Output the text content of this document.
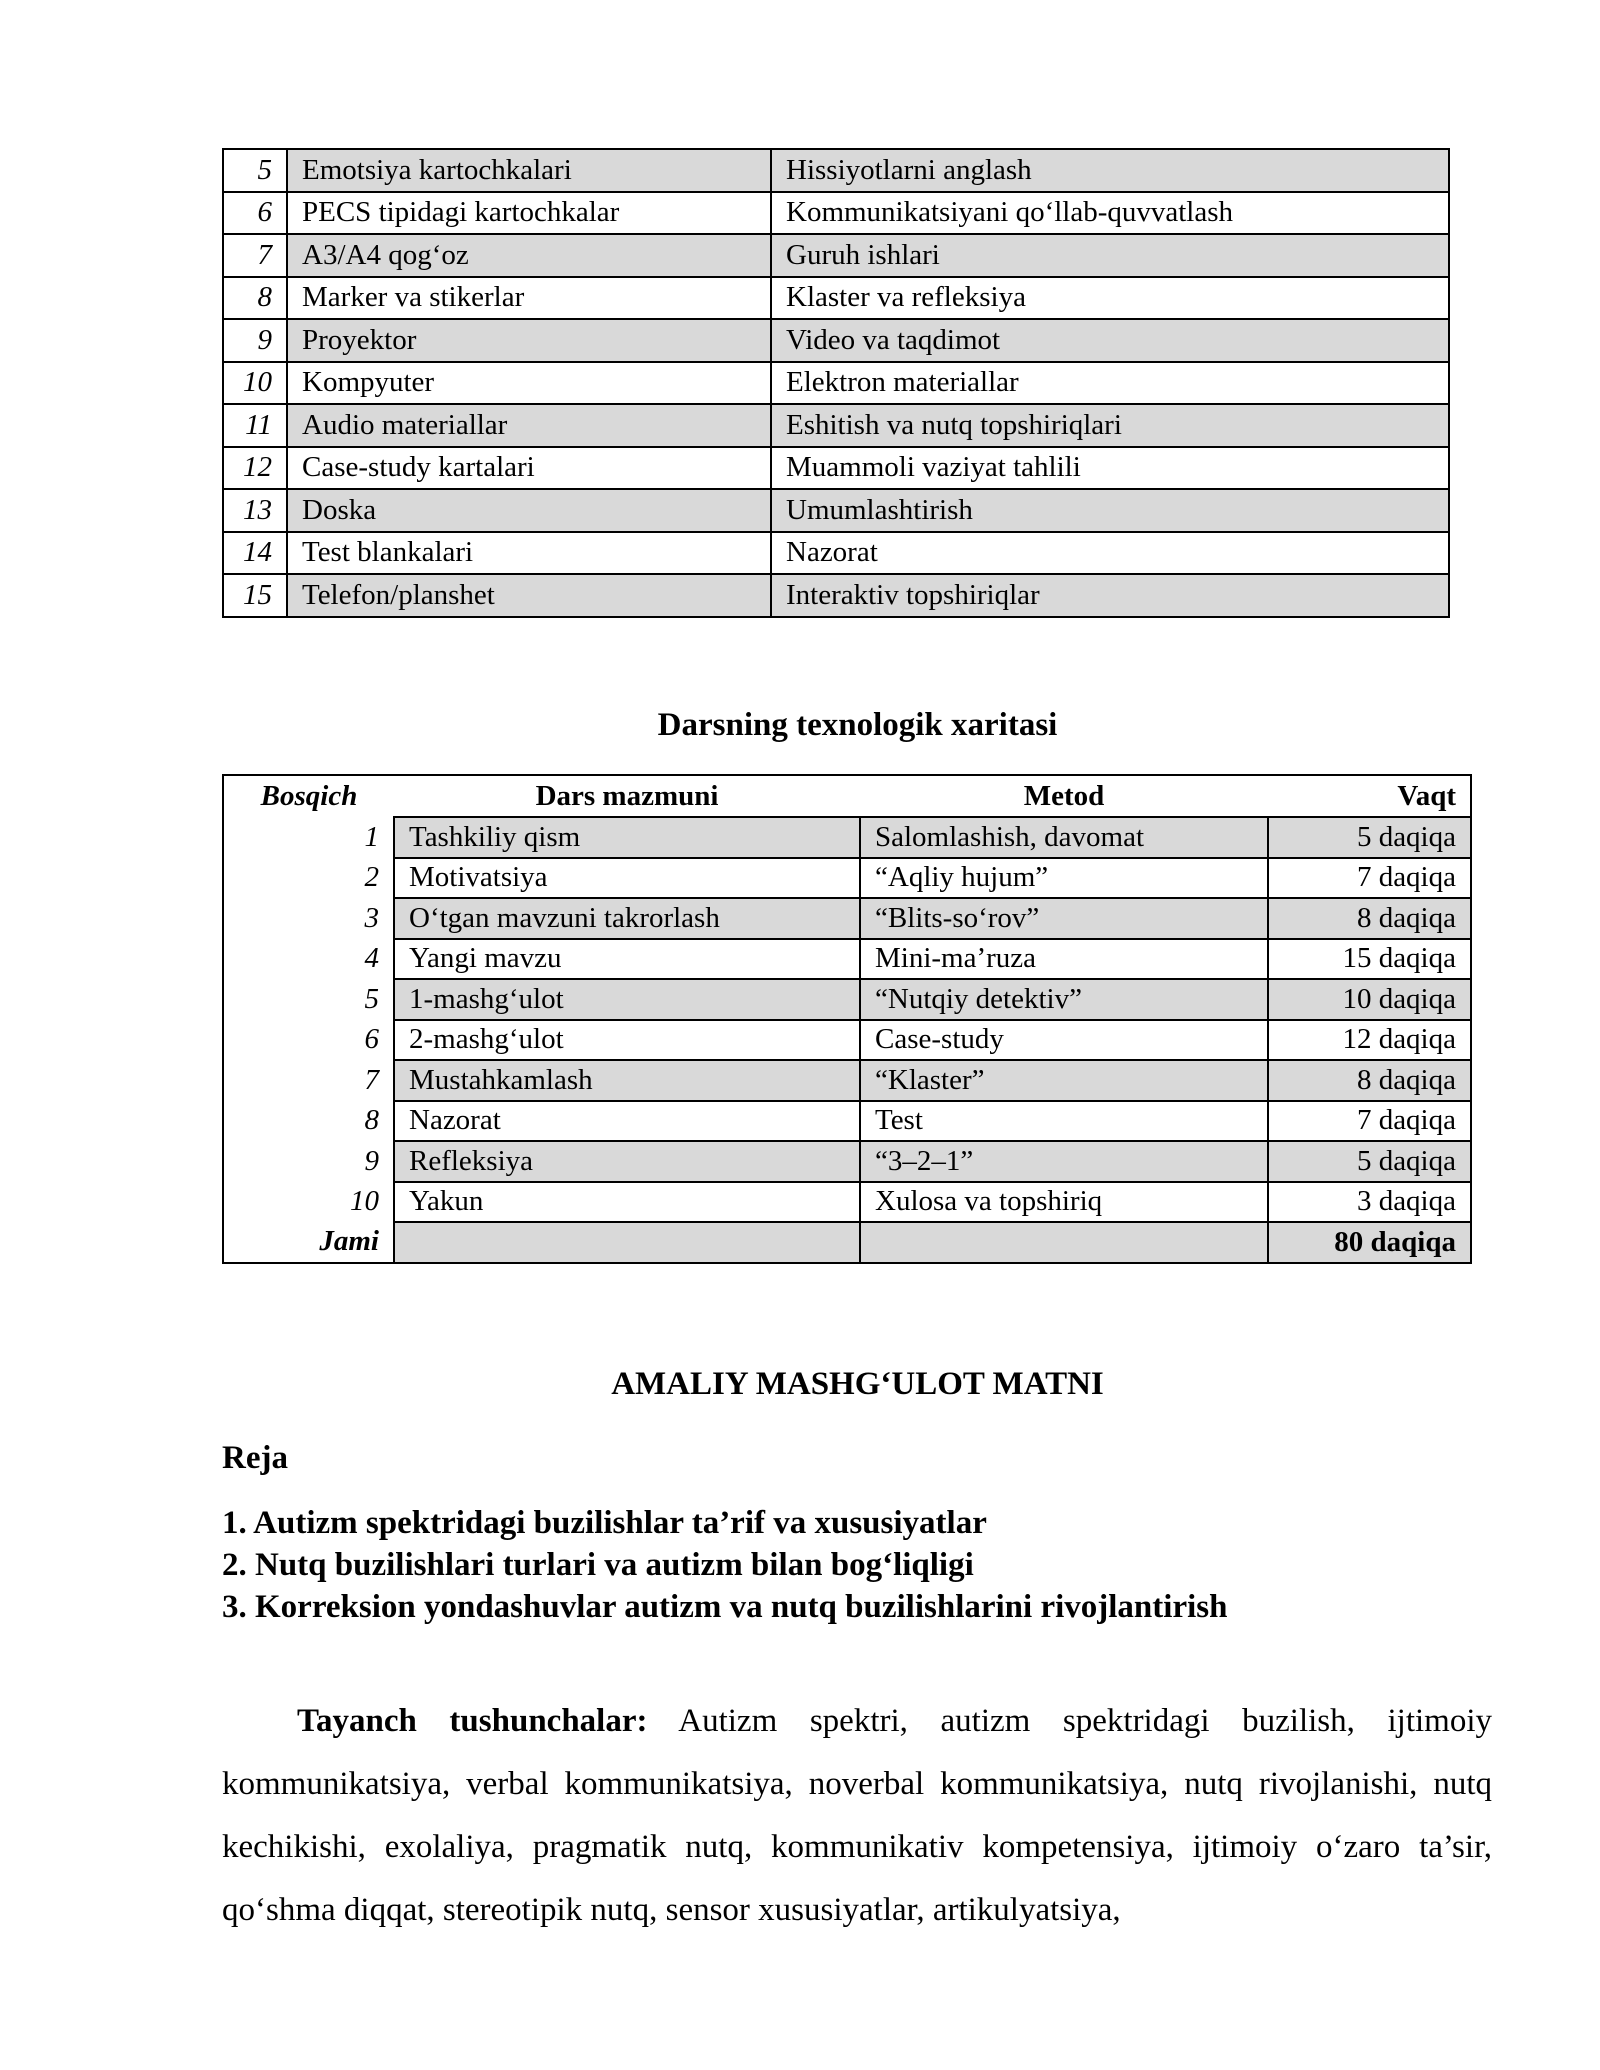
5	Emotsiya kartochkalari	Hissiyotlarni anglash
6	PECS tipidagi kartochkalar	Kommunikatsiyani qo‘llab-quvvatlash
7	A3/A4 qog‘oz	Guruh ishlari
8	Marker va stikerlar	Klaster va refleksiya
9	Proyektor	Video va taqdimot
10	Kompyuter	Elektron materiallar
11	Audio materiallar	Eshitish va nutq topshiriqlari
12	Case-study kartalari	Muammoli vaziyat tahlili
13	Doska	Umumlashtirish
14	Test blankalari	Nazorat
15	Telefon/planshet	Interaktiv topshiriqlar
Darsning texnologik xaritasi
Bosqich	Dars mazmuni	Metod	Vaqt
1	Tashkiliy qism	Salomlashish, davomat	5 daqiqa
2	Motivatsiya	“Aqliy hujum”	7 daqiqa
3	O‘tgan mavzuni takrorlash	“Blits-so‘rov”	8 daqiqa
4	Yangi mavzu	Mini-ma’ruza	15 daqiqa
5	1-mashg‘ulot	“Nutqiy detektiv”	10 daqiqa
6	2-mashg‘ulot	Case-study	12 daqiqa
7	Mustahkamlash	“Klaster”	8 daqiqa
8	Nazorat	Test	7 daqiqa
9	Refleksiya	“3–2–1”	5 daqiqa
10	Yakun	Xulosa va topshiriq	3 daqiqa
Jami			80 daqiqa
AMALIY MASHG‘ULOT MATNI
Reja
1. Autizm spektridagi buzilishlar ta’rif va xususiyatlar
2. Nutq buzilishlari turlari va autizm bilan bog‘liqligi
3. Korreksion yondashuvlar autizm va nutq buzilishlarini rivojlantirish

Tayanch tushunchalar: Autizm spektri, autizm spektridagi buzilish, ijtimoiy kommunikatsiya, verbal kommunikatsiya, noverbal kommunikatsiya, nutq rivojlanishi, nutq kechikishi, exolaliya, pragmatik nutq, kommunikativ kompetensiya, ijtimoiy o‘zaro ta’sir, qo‘shma diqqat, stereotipik nutq, sensor xususiyatlar, artikulyatsiya,
